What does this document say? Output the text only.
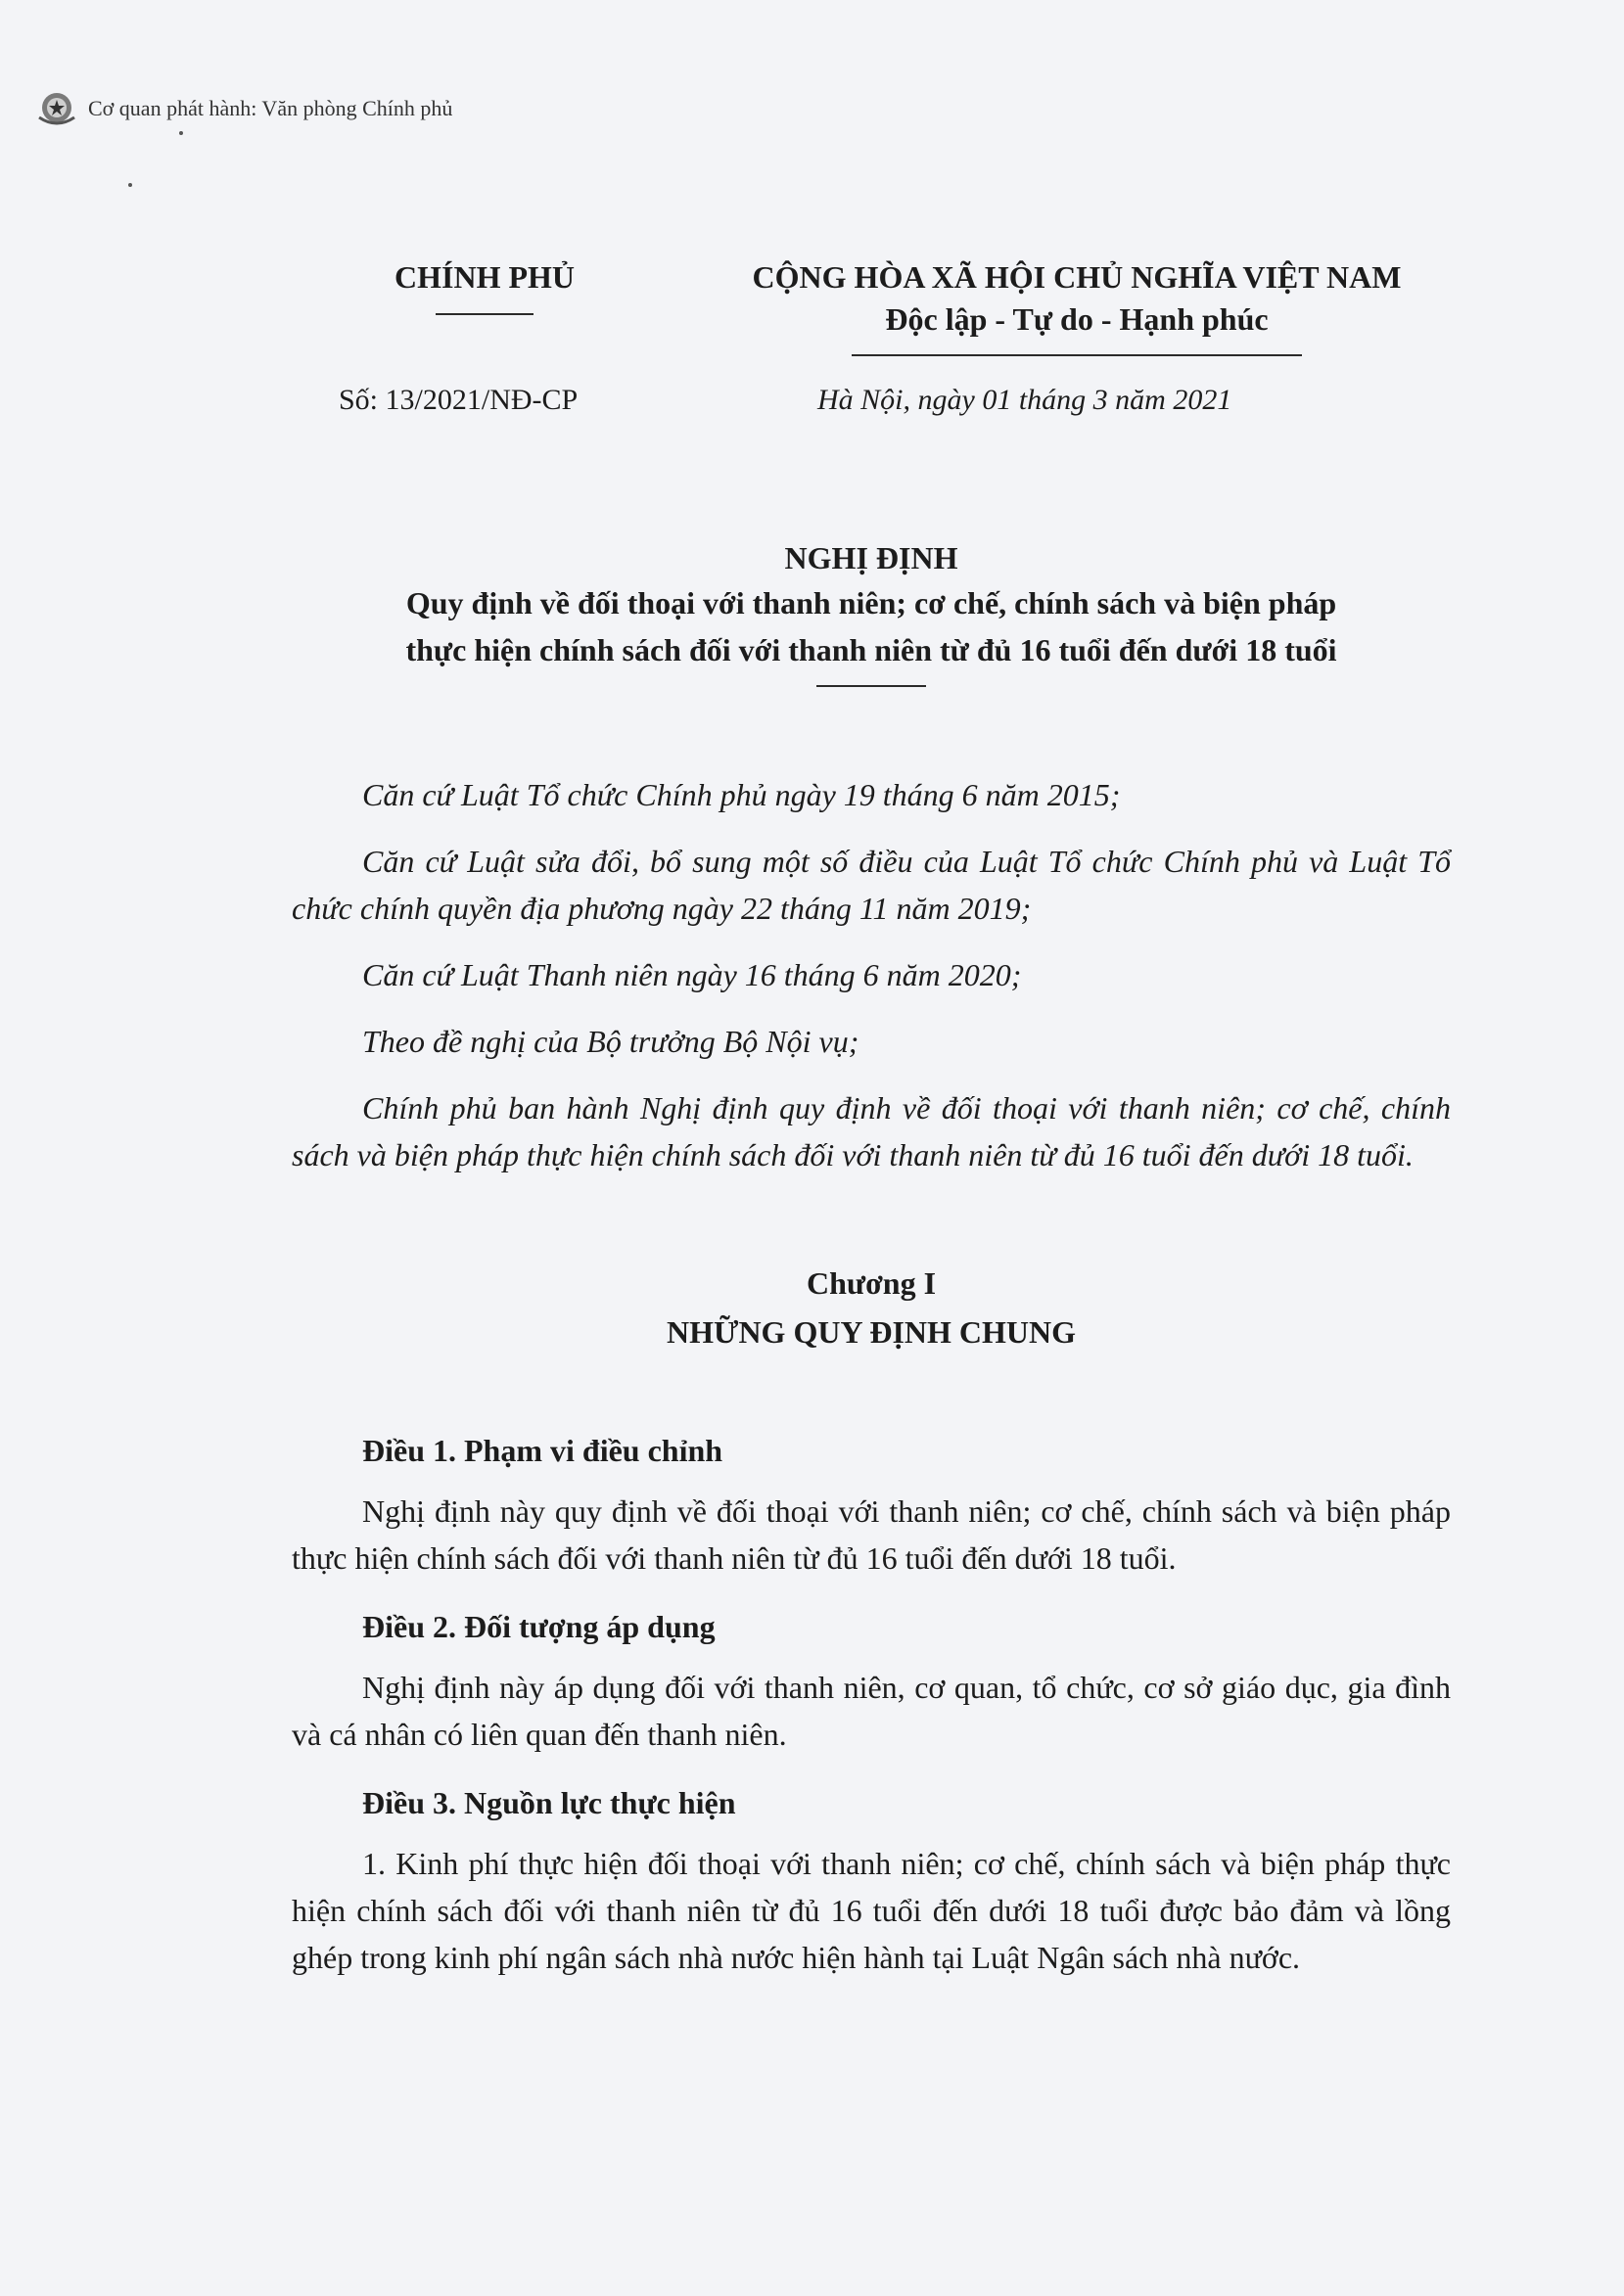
Cơ quan phát hành: Văn phòng Chính phủ
CHÍNH PHỦ	CỘNG HÒA XÃ HỘI CHỦ NGHĨA VIỆT NAM
Độc lập - Tự do - Hạnh phúc
Số: 13/2021/NĐ-CP	Hà Nội, ngày 01 tháng 3 năm 2021
NGHỊ ĐỊNH
Quy định về đối thoại với thanh niên; cơ chế, chính sách và biện pháp
thực hiện chính sách đối với thanh niên từ đủ 16 tuổi đến dưới 18 tuổi

Căn cứ Luật Tổ chức Chính phủ ngày 19 tháng 6 năm 2015;

Căn cứ Luật sửa đổi, bổ sung một số điều của Luật Tổ chức Chính phủ và Luật Tổ chức chính quyền địa phương ngày 22 tháng 11 năm 2019;

Căn cứ Luật Thanh niên ngày 16 tháng 6 năm 2020;

Theo đề nghị của Bộ trưởng Bộ Nội vụ;

Chính phủ ban hành Nghị định quy định về đối thoại với thanh niên; cơ chế, chính sách và biện pháp thực hiện chính sách đối với thanh niên từ đủ 16 tuổi đến dưới 18 tuổi.

Chương I
NHỮNG QUY ĐỊNH CHUNG
Điều 1. Phạm vi điều chỉnh

Nghị định này quy định về đối thoại với thanh niên; cơ chế, chính sách và biện pháp thực hiện chính sách đối với thanh niên từ đủ 16 tuổi đến dưới 18 tuổi.

Điều 2. Đối tượng áp dụng

Nghị định này áp dụng đối với thanh niên, cơ quan, tổ chức, cơ sở giáo dục, gia đình và cá nhân có liên quan đến thanh niên.

Điều 3. Nguồn lực thực hiện

1. Kinh phí thực hiện đối thoại với thanh niên; cơ chế, chính sách và biện pháp thực hiện chính sách đối với thanh niên từ đủ 16 tuổi đến dưới 18 tuổi được bảo đảm và lồng ghép trong kinh phí ngân sách nhà nước hiện hành tại Luật Ngân sách nhà nước.
